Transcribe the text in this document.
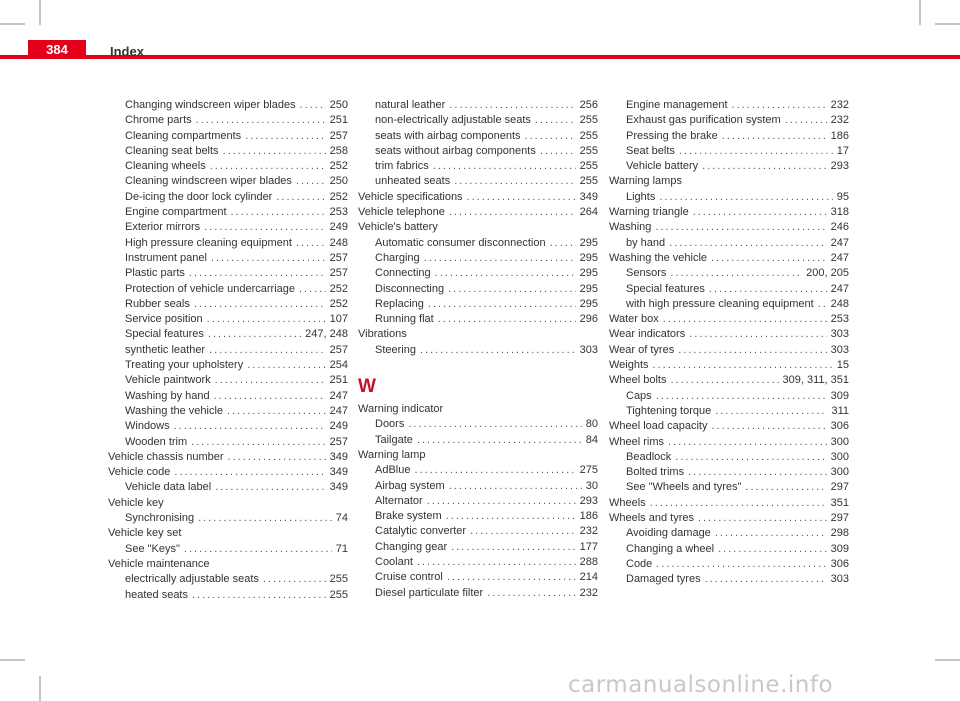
384	Index
Changing windscreen wiper blades .....	250
Chrome parts .....	251
Cleaning compartments .....	257
Cleaning seat belts .....	258
Cleaning wheels .....	252
Cleaning windscreen wiper blades .....	250
De-icing the door lock cylinder .....	252
Engine compartment .....	253
Exterior mirrors .....	249
High pressure cleaning equipment .....	248
Instrument panel .....	257
Plastic parts .....	257
Protection of vehicle undercarriage .....	252
Rubber seals .....	252
Service position .....	107
Special features .....	247, 248
synthetic leather .....	257
Treating your upholstery .....	254
Vehicle paintwork .....	251
Washing by hand .....	247
Washing the vehicle .....	247
Windows .....	249
Wooden trim .....	257
Vehicle chassis number .....	349
Vehicle code .....	349
Vehicle data label .....	349
Vehicle key
Synchronising .....	74
Vehicle key set
See "Keys" .....	71
Vehicle maintenance
electrically adjustable seats .....	255
heated seats .....	255
natural leather .....	256
non-electrically adjustable seats .....	255
seats with airbag components .....	255
seats without airbag components .....	255
trim fabrics .....	255
unheated seats .....	255
Vehicle specifications .....	349
Vehicle telephone .....	264
Vehicle's battery
Automatic consumer disconnection .....	295
Charging .....	295
Connecting .....	295
Disconnecting .....	295
Replacing .....	295
Running flat .....	296
Vibrations
Steering .....	303
W
Warning indicator
Doors .....	80
Tailgate .....	84
Warning lamp
AdBlue .....	275
Airbag system .....	30
Alternator .....	293
Brake system .....	186
Catalytic converter .....	232
Changing gear .....	177
Coolant .....	288
Cruise control .....	214
Diesel particulate filter .....	232
Engine management .....	232
Exhaust gas purification system .....	232
Pressing the brake .....	186
Seat belts .....	17
Vehicle battery .....	293
Warning lamps
Lights .....	95
Warning triangle .....	318
Washing .....	246
by hand .....	247
Washing the vehicle .....	247
Sensors .....	200, 205
Special features .....	247
with high pressure cleaning equipment ..... 248
Water box .....	253
Wear indicators .....	303
Wear of tyres .....	303
Weights .....	15
Wheel bolts .....	309, 311, 351
Caps .....	309
Tightening torque .....	311
Wheel load capacity .....	306
Wheel rims .....	300
Beadlock .....	300
Bolted trims .....	300
See "Wheels and tyres" .....	297
Wheels .....	351
Wheels and tyres .....	297
Avoiding damage .....	298
Changing a wheel .....	309
Code .....	306
Damaged tyres .....	303
carmanualsonline.info
